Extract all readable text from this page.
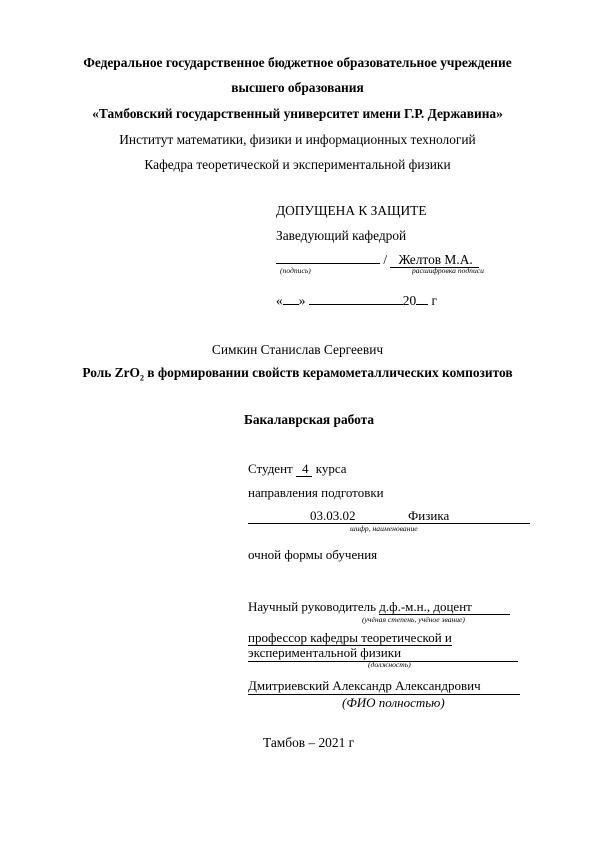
Федеральное государственное бюджетное образовательное учреждение
высшего образования
«Тамбовский государственный университет имени Г.Р. Державина»
Институт математики, физики и информационных технологий
Кафедра теоретической и экспериментальной физики
ДОПУЩЕНА К ЗАЩИТЕ
Заведующий кафедрой
/ Желтов М.А.
(подпись)	расшифровка подписи
« »	20 г
Симкин Станислав Сергеевич
Роль ZrO$_2$ в формировании свойств керамометаллических композитов
Бакалаврская работа
Студент 4 курса
направления подготовки
03.03.02	Физика
шифр, наименование
очной формы обучения
Научный руководитель д.ф.-м.н., доцент
(учёная степень, учёное звание)
профессор кафедры теоретической и
экспериментальной физики
(должность)
Дмитриевский Александр Александрович
(ФИО полностью)
Тамбов – 2021 г
